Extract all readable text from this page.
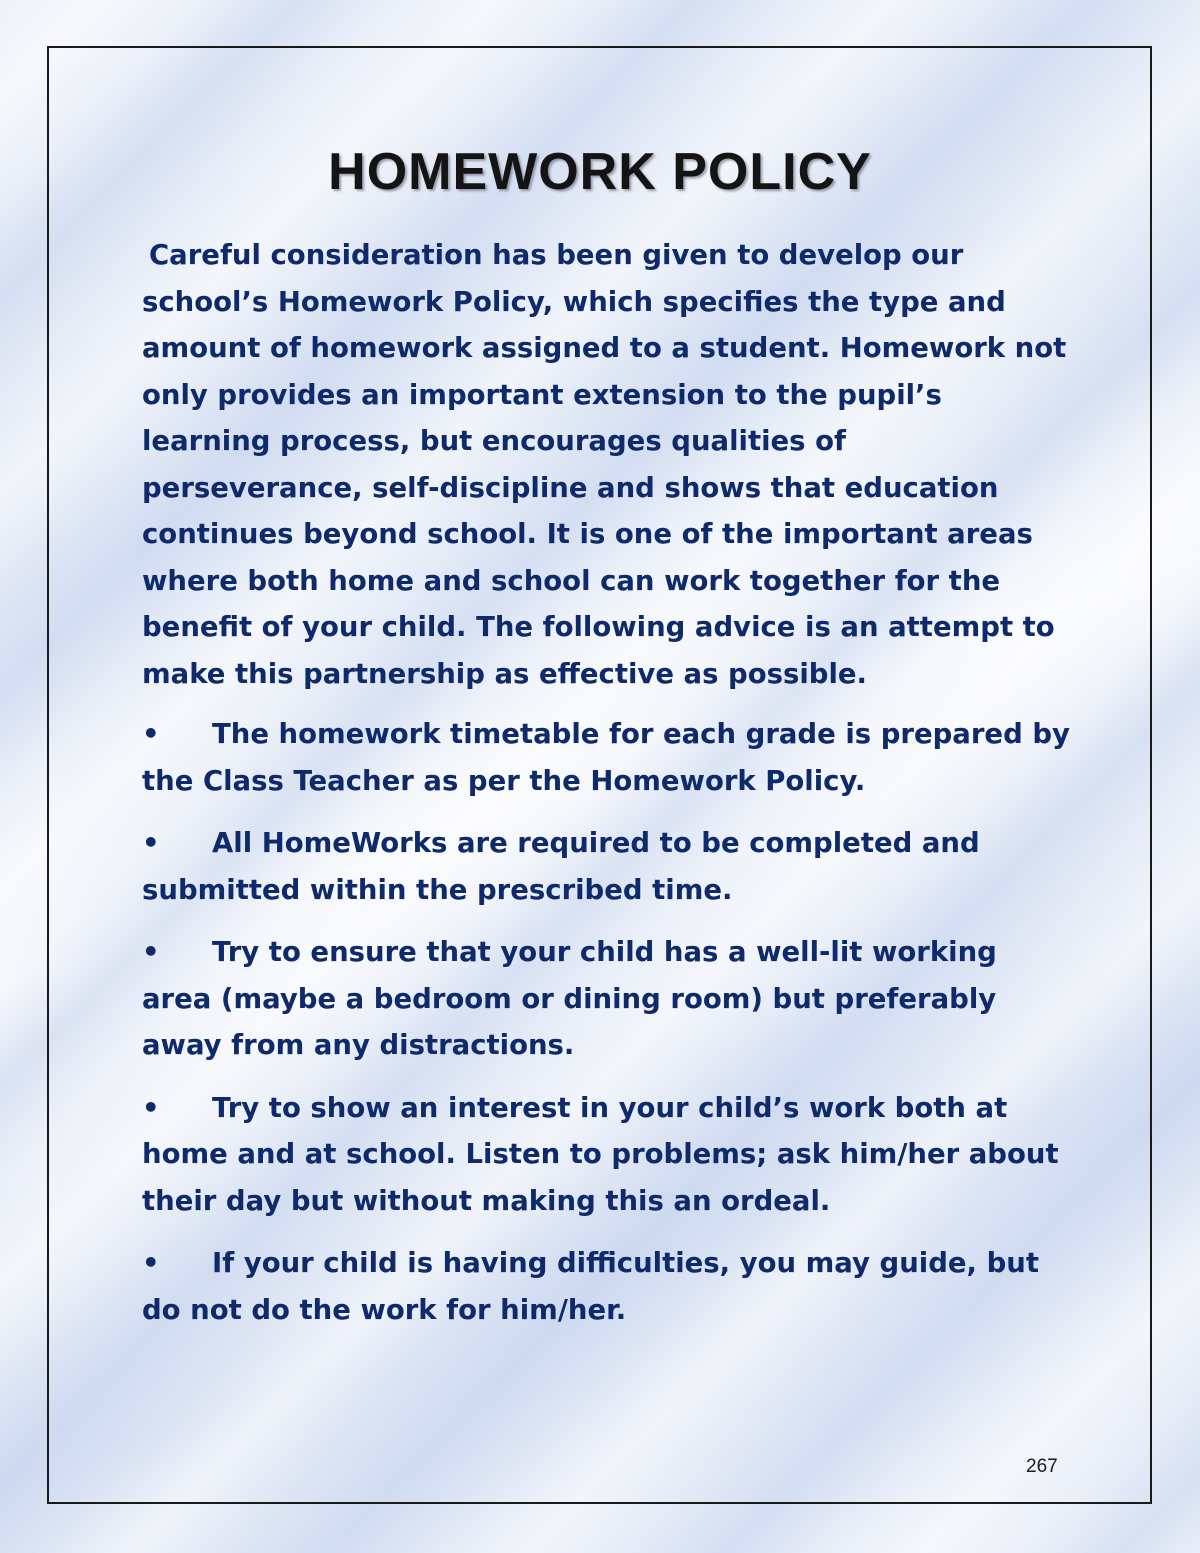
HOMEWORK POLICY

Careful consideration has been given to develop our school’s Homework Policy, which specifies the type and amount of homework assigned to a student. Homework not only provides an important extension to the pupil’s learning process, but encourages qualities of perseverance, self-discipline and shows that education continues beyond school. It is one of the important areas where both home and school can work together for the benefit of your child. The following advice is an attempt to make this partnership as effective as possible.

• The homework timetable for each grade is prepared by the Class Teacher as per the Homework Policy.

• All HomeWorks are required to be completed and submitted within the prescribed time.

• Try to ensure that your child has a well-lit working area (maybe a bedroom or dining room) but preferably away from any distractions.

• Try to show an interest in your child’s work both at home and at school. Listen to problems; ask him/her about their day but without making this an ordeal.

• If your child is having difficulties, you may guide, but do not do the work for him/her.

267
